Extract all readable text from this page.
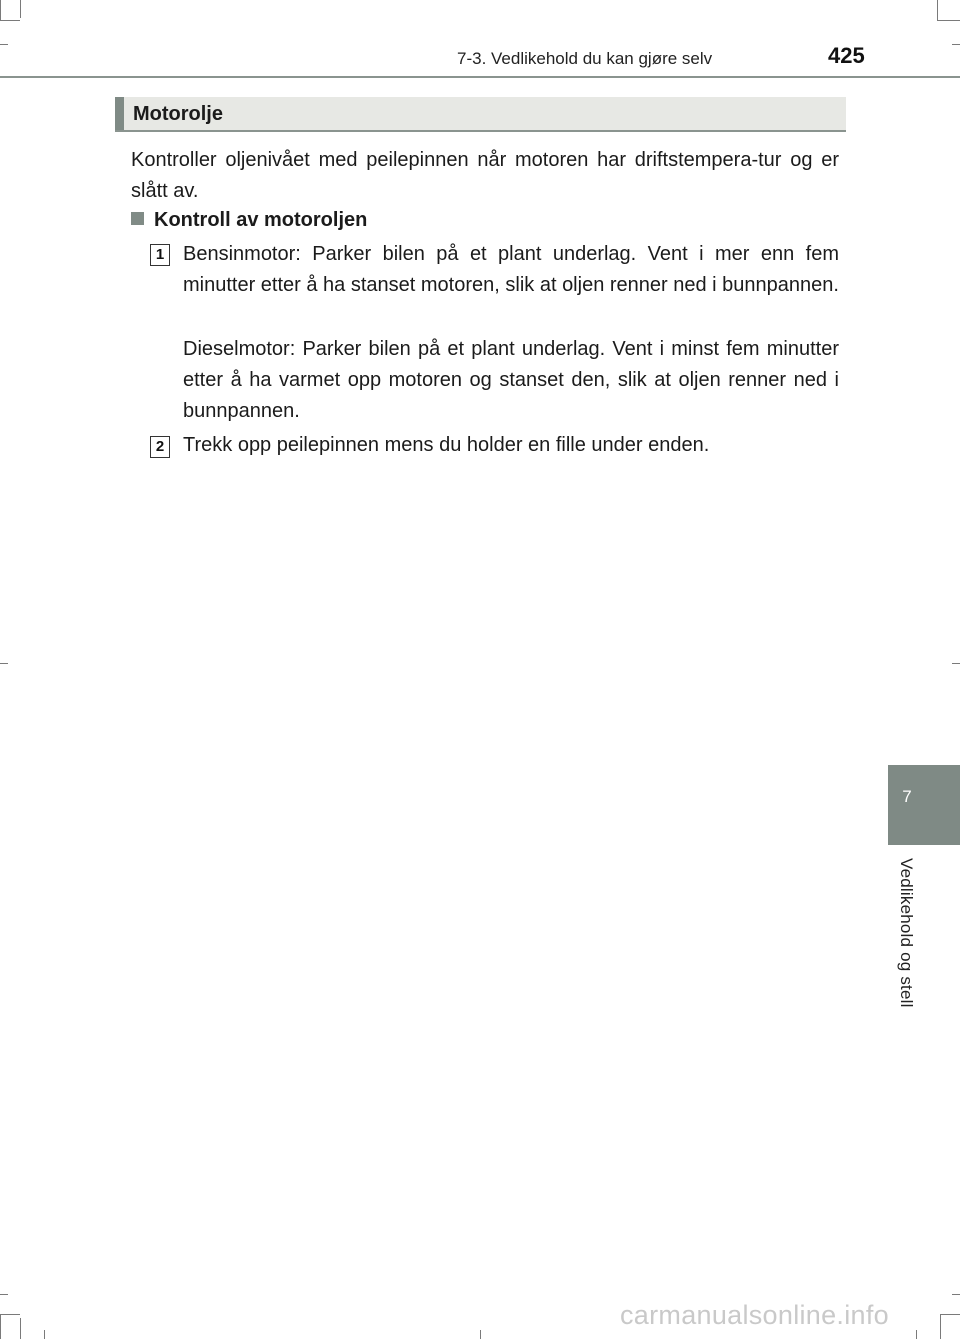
7-3. Vedlikehold du kan gjøre selv	425
Motorolje
Kontroller oljenivået med peilepinnen når motoren har driftstempera-tur og er slått av.
Kontroll av motoroljen
1 Bensinmotor: Parker bilen på et plant underlag. Vent i mer enn fem minutter etter å ha stanset motoren, slik at oljen renner ned i bunnpannen.
Dieselmotor: Parker bilen på et plant underlag. Vent i minst fem minutter etter å ha varmet opp motoren og stanset den, slik at oljen renner ned i bunnpannen.
2 Trekk opp peilepinnen mens du holder en fille under enden.
7
Vedlikehold og stell
carmanualsonline.info
